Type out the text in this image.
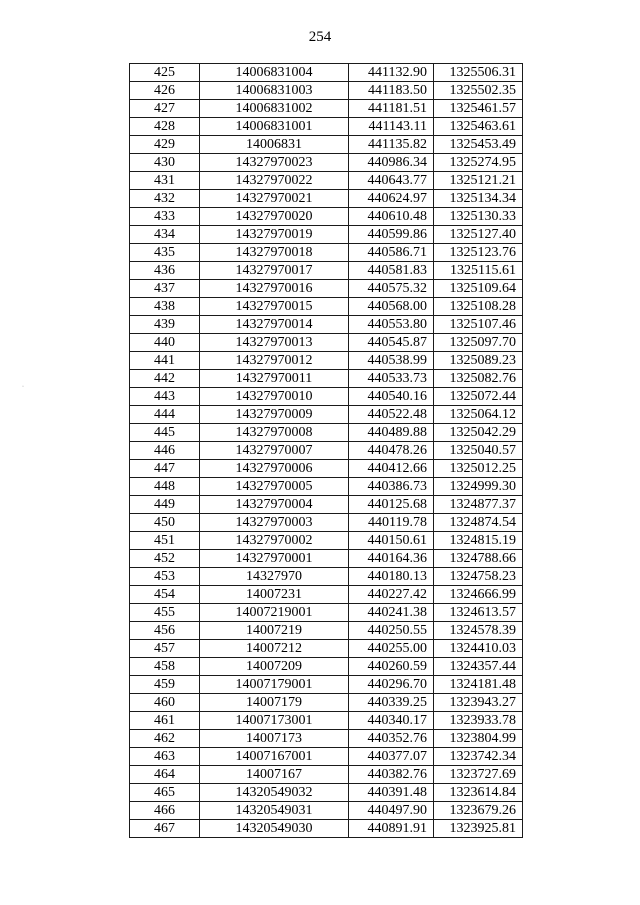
254
·
425	14006831004	441132.90	1325506.31
426	14006831003	441183.50	1325502.35
427	14006831002	441181.51	1325461.57
428	14006831001	441143.11	1325463.61
429	14006831	441135.82	1325453.49
430	14327970023	440986.34	1325274.95
431	14327970022	440643.77	1325121.21
432	14327970021	440624.97	1325134.34
433	14327970020	440610.48	1325130.33
434	14327970019	440599.86	1325127.40
435	14327970018	440586.71	1325123.76
436	14327970017	440581.83	1325115.61
437	14327970016	440575.32	1325109.64
438	14327970015	440568.00	1325108.28
439	14327970014	440553.80	1325107.46
440	14327970013	440545.87	1325097.70
441	14327970012	440538.99	1325089.23
442	14327970011	440533.73	1325082.76
443	14327970010	440540.16	1325072.44
444	14327970009	440522.48	1325064.12
445	14327970008	440489.88	1325042.29
446	14327970007	440478.26	1325040.57
447	14327970006	440412.66	1325012.25
448	14327970005	440386.73	1324999.30
449	14327970004	440125.68	1324877.37
450	14327970003	440119.78	1324874.54
451	14327970002	440150.61	1324815.19
452	14327970001	440164.36	1324788.66
453	14327970	440180.13	1324758.23
454	14007231	440227.42	1324666.99
455	14007219001	440241.38	1324613.57
456	14007219	440250.55	1324578.39
457	14007212	440255.00	1324410.03
458	14007209	440260.59	1324357.44
459	14007179001	440296.70	1324181.48
460	14007179	440339.25	1323943.27
461	14007173001	440340.17	1323933.78
462	14007173	440352.76	1323804.99
463	14007167001	440377.07	1323742.34
464	14007167	440382.76	1323727.69
465	14320549032	440391.48	1323614.84
466	14320549031	440497.90	1323679.26
467	14320549030	440891.91	1323925.81
